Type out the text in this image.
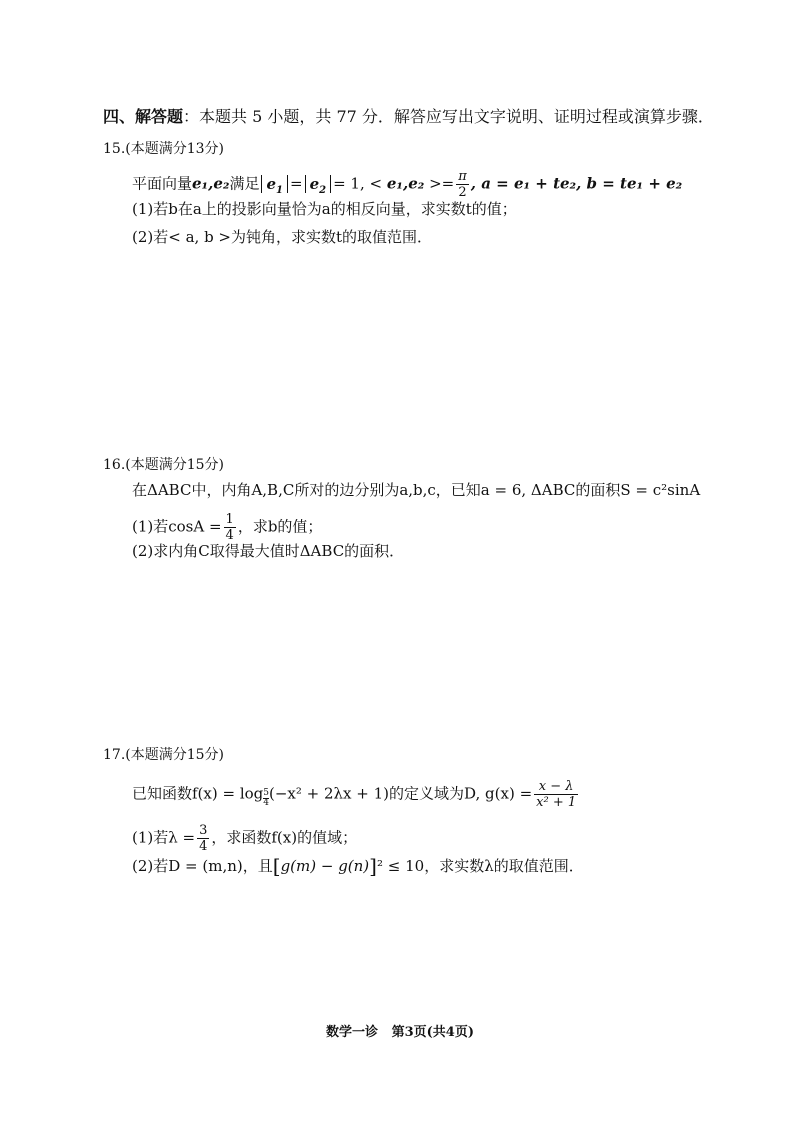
四、解答题：本题共 5 小题，共 77 分．解答应写出文字说明、证明过程或演算步骤．
15.(本题满分13分)
平面向量e₁,e₂满足 $e_1 = e_2 = 1$, < $e_1,e_2 >= \frac{\pi}{2}$ , a = e₁ + te₂, b = te₁ + e₂
(1)若b在a上的投影向量恰为a的相反向量，求实数t的值；
(2)若< a, b >为钝角，求实数t的取值范围．
16.(本题满分15分)
在ΔABC中，内角A,B,C所对的边分别为a,b,c，已知a = 6, ΔABC的面积S = c²sinA
(1)若$\cos A = \frac{1}{4}$ ，求b的值；
(2)求内角C取得最大值时ΔABC的面积．
17.(本题满分15分)
已知函数$f(x) = \log \frac{5}{4} (-x^2 + 2\lambda x + 1)$的定义域为D, $g(x) = \frac{x - \lambda}{\text{x² + 1}}$
(1)若$\lambda = \frac{3}{4}$ ，求函数f(x)的值域；
(2)若D = (m,n)，且[g(m) − g(n)]² ≤ 10，求实数λ的取值范围．
数学一诊 第3页(共4页)
